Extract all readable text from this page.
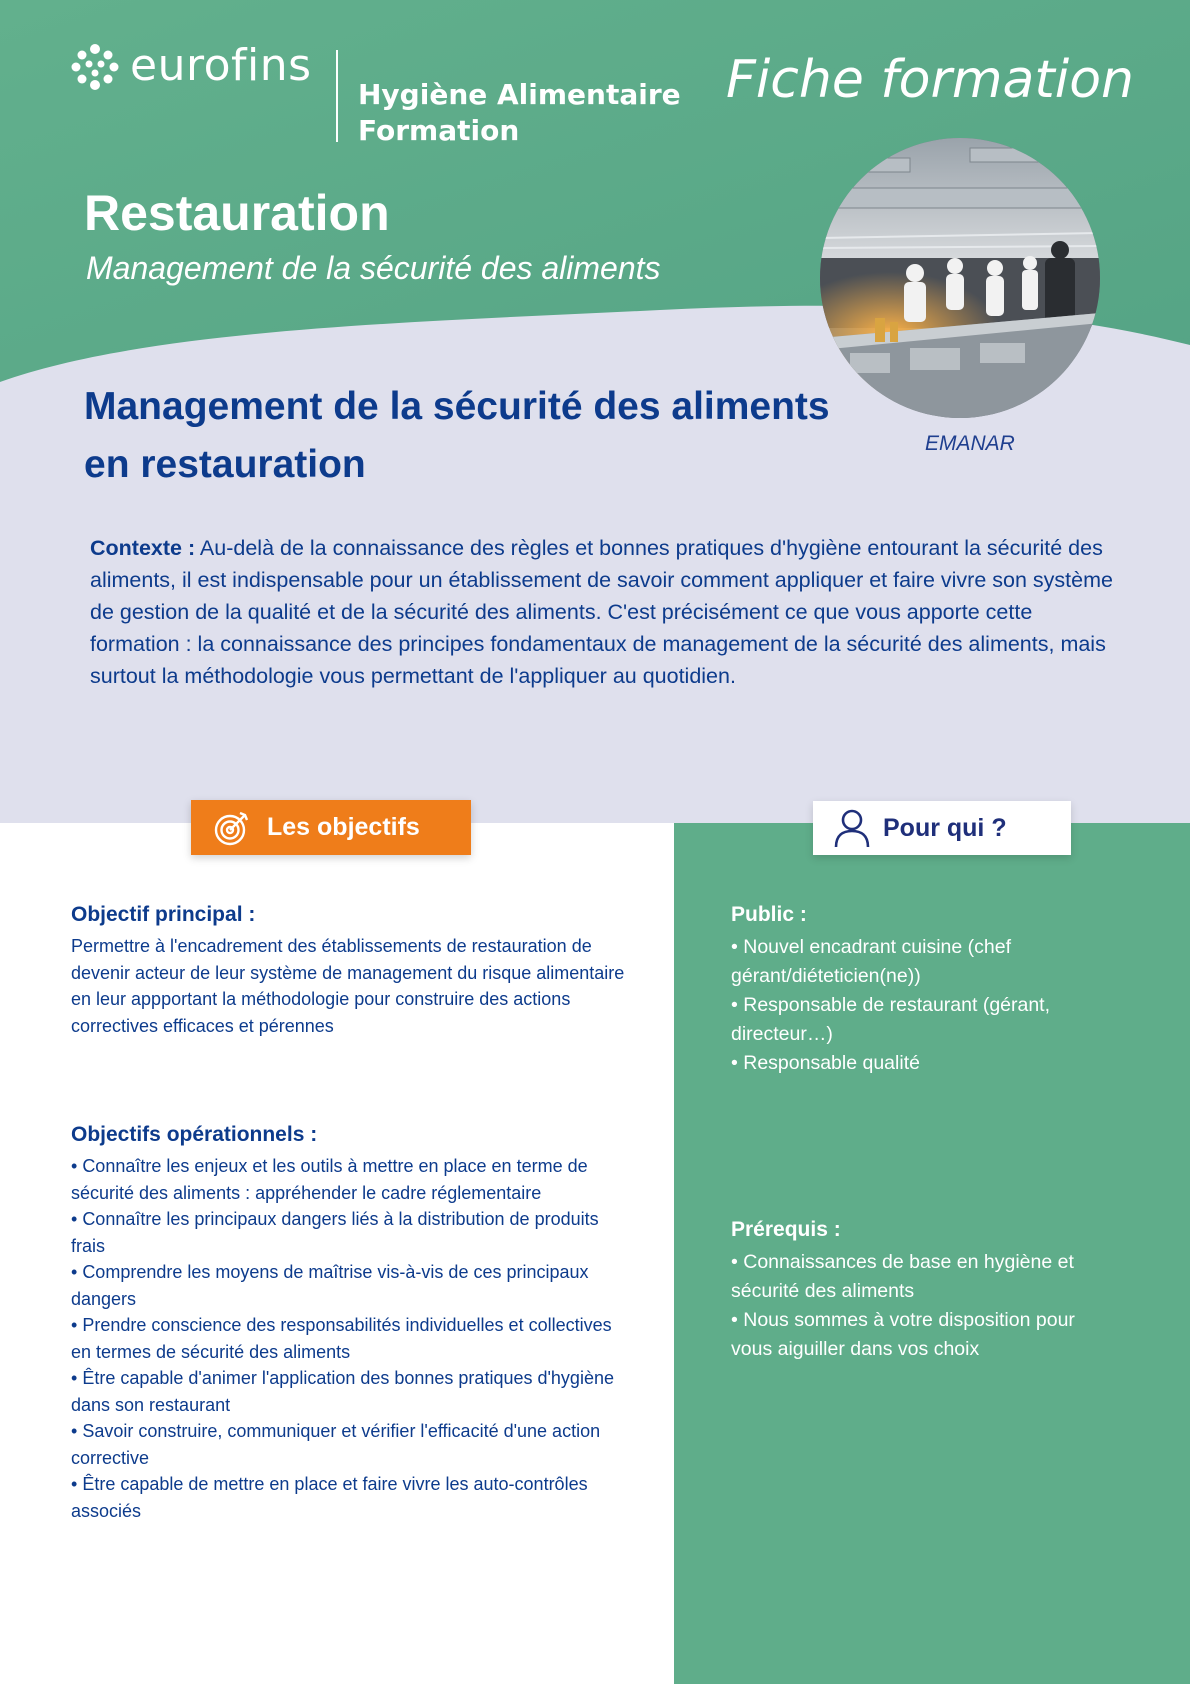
eurofins
Hygiène Alimentaire
Formation
Fiche formation
Restauration
Management de la sécurité des aliments
EMANAR
Management de la sécurité des aliments
en restauration
Contexte : Au-delà de la connaissance des règles et bonnes pratiques d'hygiène entourant la sécurité des aliments, il est indispensable pour un établissement de savoir comment appliquer et faire vivre son système de gestion de la qualité et de la sécurité des aliments. C'est précisément ce que vous apporte cette formation : la connaissance des principes fondamentaux de management de la sécurité des aliments, mais surtout la méthodologie vous permettant de l'appliquer au quotidien.
Les objectifs	Pour qui ?
Objectif principal :
Permettre à l'encadrement des établissements de restauration de devenir acteur de leur système de management du risque alimentaire en leur appportant la méthodologie pour construire des actions correctives efficaces et pérennes
Objectifs opérationnels :
• Connaître les enjeux et les outils à mettre en place en terme de sécurité des aliments : appréhender le cadre réglementaire
• Connaître les principaux dangers liés à la distribution de produits frais
• Comprendre les moyens de maîtrise vis-à-vis de ces principaux dangers
• Prendre conscience des responsabilités individuelles et collectives en termes de sécurité des aliments
• Être capable d'animer l'application des bonnes pratiques d'hygiène dans son restaurant
• Savoir construire, communiquer et vérifier l'efficacité d'une action corrective
• Être capable de mettre en place et faire vivre les auto-contrôles associés
Public :
• Nouvel encadrant cuisine (chef gérant/diéteticien(ne))
• Responsable de restaurant (gérant, directeur…)
• Responsable qualité
Prérequis :
• Connaissances de base en hygiène et sécurité des aliments
• Nous sommes à votre disposition pour vous aiguiller dans vos choix
